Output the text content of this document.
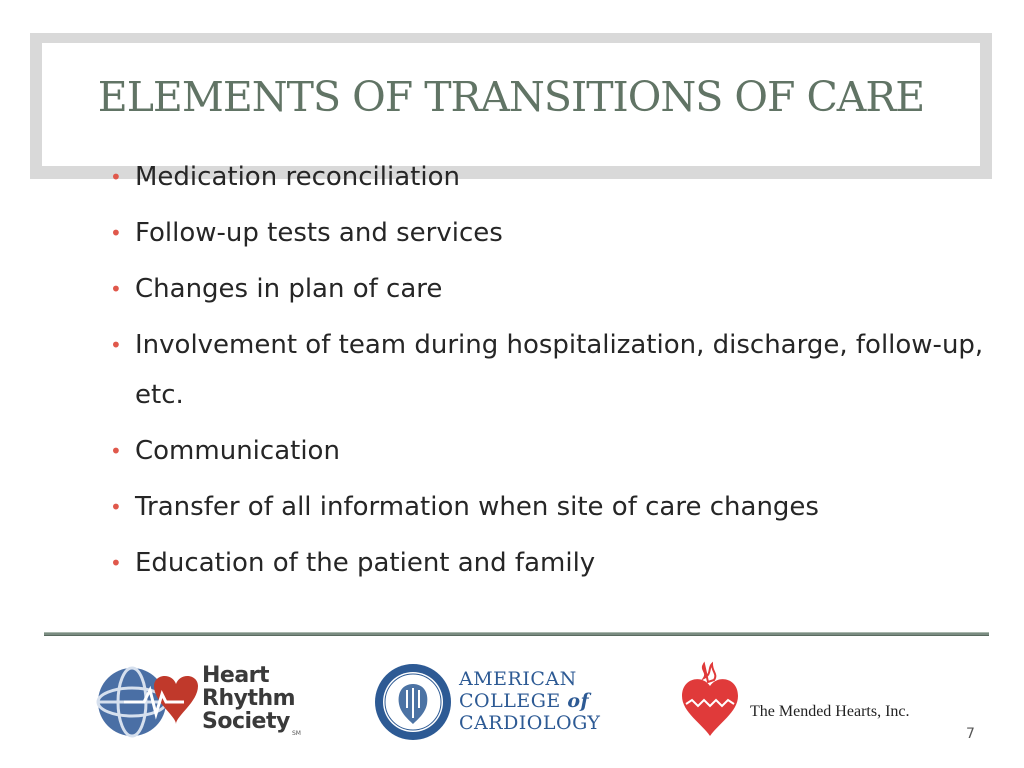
ELEMENTS OF TRANSITIONS OF CARE
• Medication reconciliation
• Follow-up tests and services
• Changes in plan of care
• Involvement of team during hospitalization, discharge, follow-up, etc.
• Communication
• Transfer of all information when site of care changes
• Education of the patient and family
Heart
Rhythm
Society SM
AMERICAN
COLLEGE of
CARDIOLOGY
The Mended Hearts, Inc.
7
